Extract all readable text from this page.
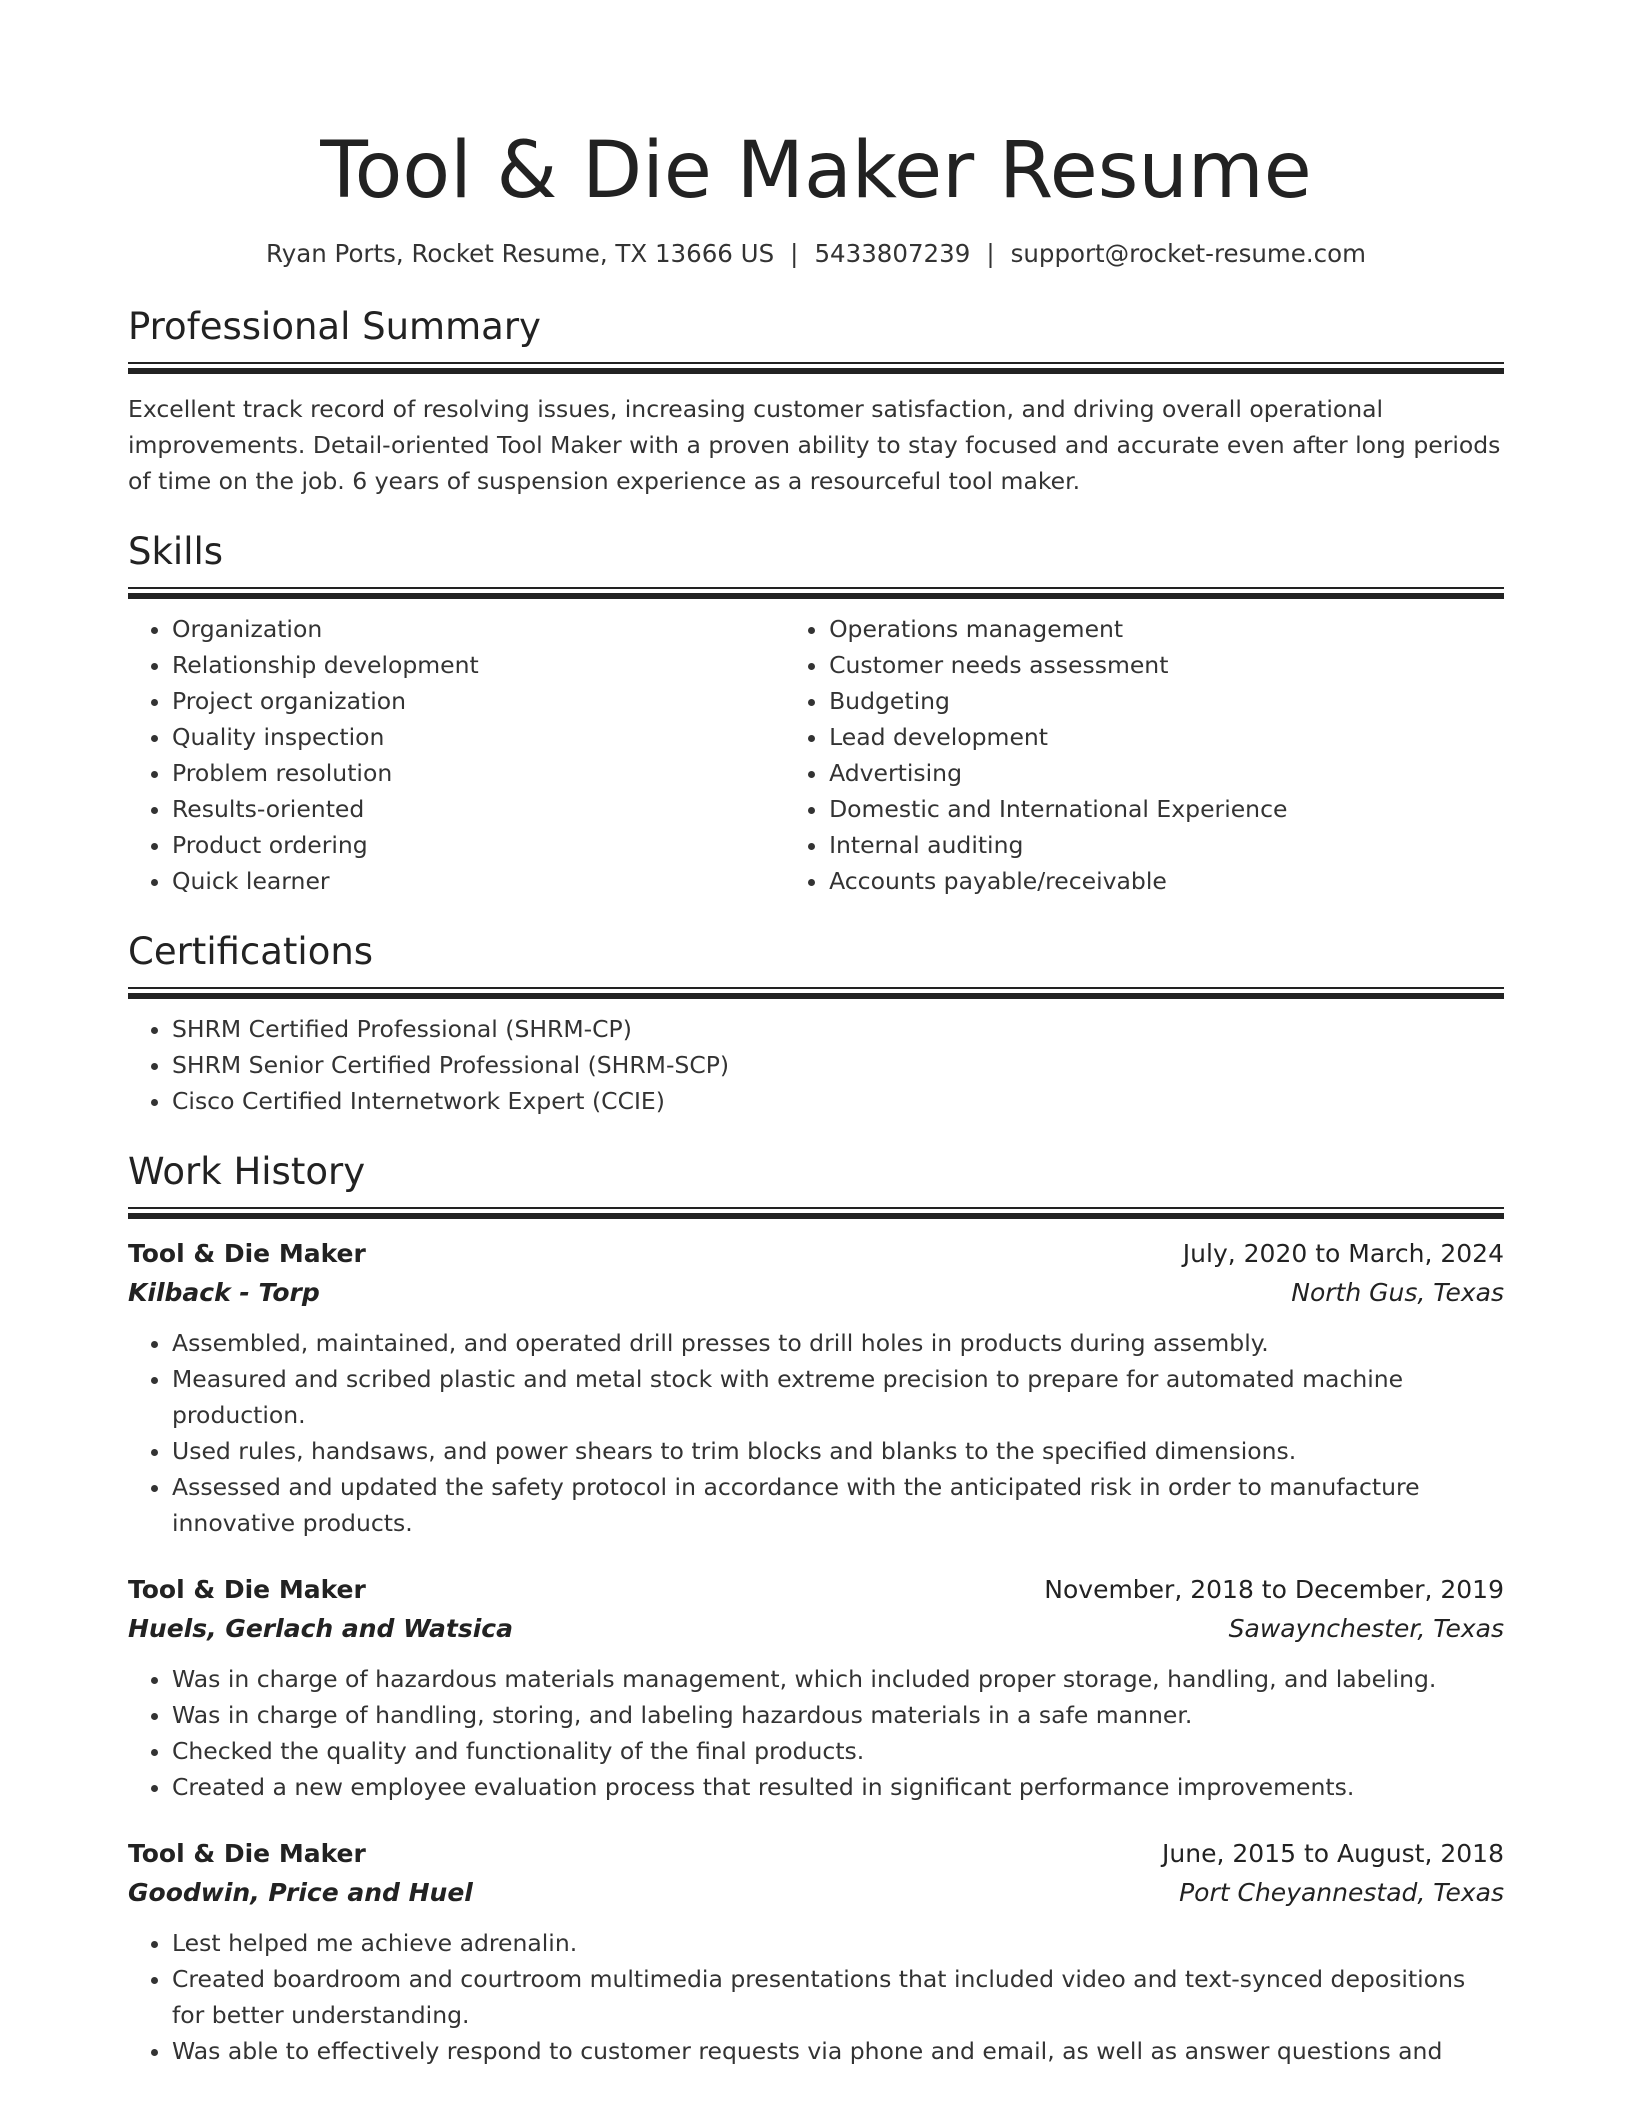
Tool & Die Maker Resume
Ryan Ports, Rocket Resume, TX 13666 US | 5433807239 | support@rocket-resume.com
Professional Summary

Excellent track record of resolving issues, increasing customer satisfaction, and driving overall operational improvements. Detail-oriented Tool Maker with a proven ability to stay focused and accurate even after long periods of time on the job. 6 years of suspension experience as a resourceful tool maker.

Skills
• Organization
• Relationship development
• Project organization
• Quality inspection
• Problem resolution
• Results-oriented
• Product ordering
• Quick learner
• Operations management
• Customer needs assessment
• Budgeting
• Lead development
• Advertising
• Domestic and International Experience
• Internal auditing
• Accounts payable/receivable
Certifications
• SHRM Certified Professional (SHRM-CP)
• SHRM Senior Certified Professional (SHRM-SCP)
• Cisco Certified Internetwork Expert (CCIE)
Work History
Tool & Die Maker	July, 2020 to March, 2024
Kilback - Torp	North Gus, Texas
• Assembled, maintained, and operated drill presses to drill holes in products during assembly.
• Measured and scribed plastic and metal stock with extreme precision to prepare for automated machine production.
• Used rules, handsaws, and power shears to trim blocks and blanks to the specified dimensions.
• Assessed and updated the safety protocol in accordance with the anticipated risk in order to manufacture innovative products.
Tool & Die Maker	November, 2018 to December, 2019
Huels, Gerlach and Watsica	Sawaynchester, Texas
• Was in charge of hazardous materials management, which included proper storage, handling, and labeling.
• Was in charge of handling, storing, and labeling hazardous materials in a safe manner.
• Checked the quality and functionality of the final products.
• Created a new employee evaluation process that resulted in significant performance improvements.
Tool & Die Maker	June, 2015 to August, 2018
Goodwin, Price and Huel	Port Cheyannestad, Texas
• Lest helped me achieve adrenalin.
• Created boardroom and courtroom multimedia presentations that included video and text-synced depositions for better understanding.
• Was able to effectively respond to customer requests via phone and email, as well as answer questions and
